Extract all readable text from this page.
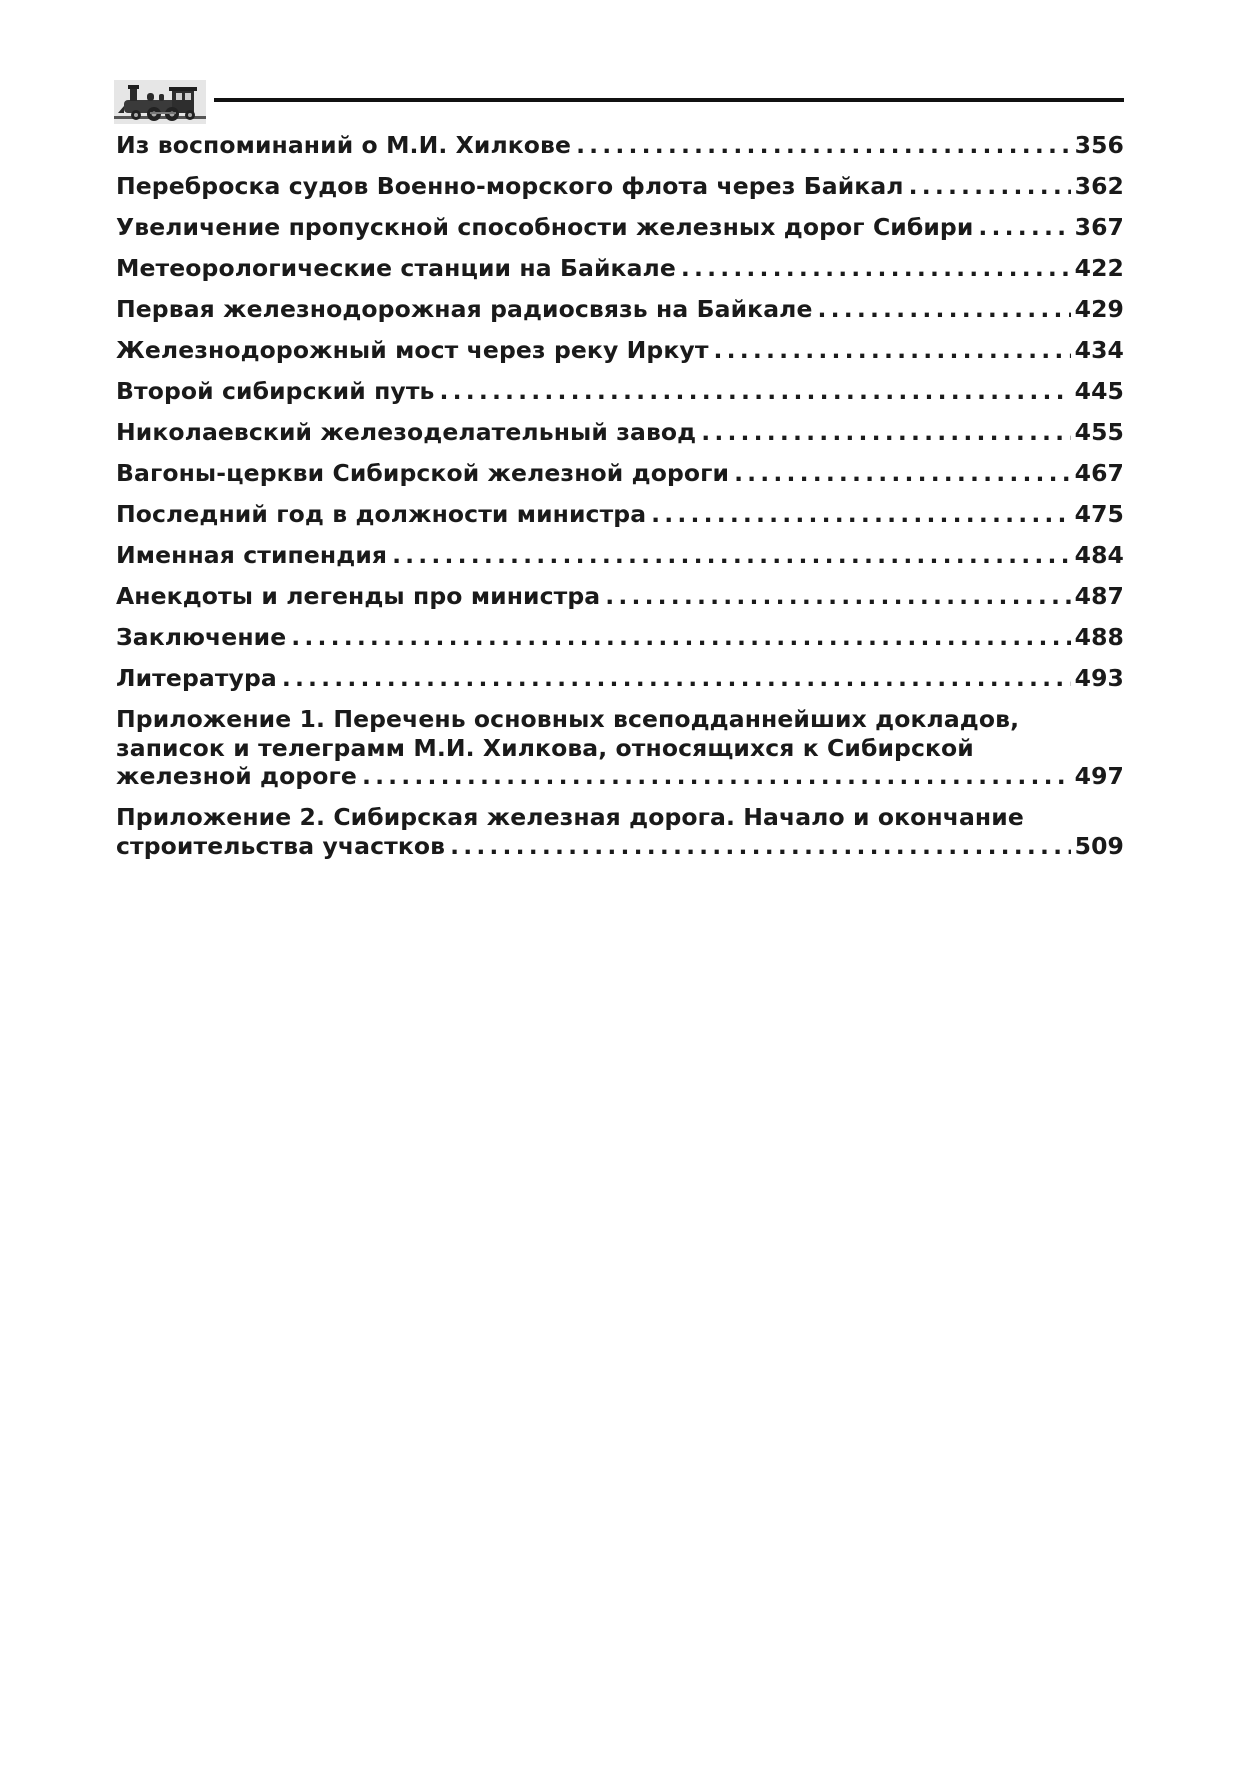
Из воспоминаний о М.И. Хилкове . . .	356
Переброска судов Военно-морского флота через Байкал . . .	362
Увеличение пропускной способности железных дорог Сибири . . .	367
Метеорологические станции на Байкале . . .	422
Первая железнодорожная радиосвязь на Байкале . . .	429
Железнодорожный мост через реку Иркут . . .	434
Второй сибирский путь . . .	445
Николаевский железоделательный завод . . .	455
Вагоны-церкви Сибирской железной дороги . . .	467
Последний год в должности министра . . .	475
Именная стипендия . . .	484
Анекдоты и легенды про министра . . .	487
Заключение . . .	488
Литература . . .	493
Приложение 1. Перечень основных всеподданнейших докладов,
записок и телеграмм М.И. Хилкова, относящихся к Сибирской
железной дороге . . .	497
Приложение 2. Сибирская железная дорога. Начало и окончание
строительства участков . . .	509
